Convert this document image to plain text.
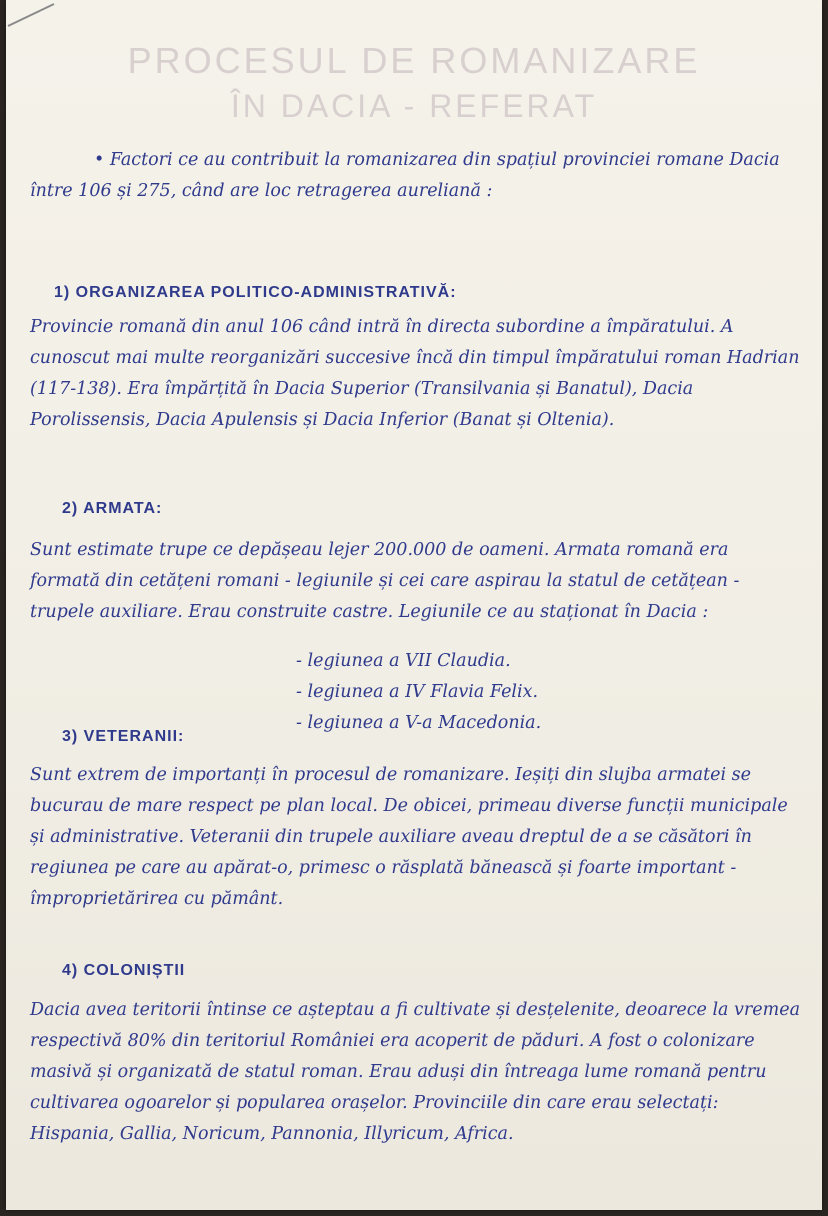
PROCESUL DE ROMANIZARE
ÎN DACIA - REFERAT

• Factori ce au contribuit la romanizarea din spațiul provinciei romane Dacia între 106 și 275, când are loc retragerea aureliană :

1) ORGANIZAREA POLITICO-ADMINISTRATIVĂ:

Provincie romană din anul 106 când intră în directa subordine a împăratului. A cunoscut mai multe reorganizări succesive încă din timpul împăratului roman Hadrian (117-138). Era împărțită în Dacia Superior (Transilvania și Banatul), Dacia Porolissensis, Dacia Apulensis și Dacia Inferior (Banat și Oltenia).

2) ARMATA:

Sunt estimate trupe ce depășeau lejer 200.000 de oameni. Armata romană era formată din cetățeni romani - legiunile și cei care aspirau la statul de cetățean - trupele auxiliare. Erau construite castre. Legiunile ce au staționat în Dacia :

- legiunea a VII Claudia.
- legiunea a IV Flavia Felix.
- legiunea a V-a Macedonia.
3) VETERANII:

Sunt extrem de importanți în procesul de romanizare. Ieșiți din slujba armatei se bucurau de mare respect pe plan local. De obicei, primeau diverse funcții municipale și administrative. Veteranii din trupele auxiliare aveau dreptul de a se căsători în regiunea pe care au apărat-o, primesc o răsplată bănească și foarte important - împroprietărirea cu pământ.

4) COLONIȘTII

Dacia avea teritorii întinse ce așteptau a fi cultivate și desțelenite, deoarece la vremea respectivă 80% din teritoriul României era acoperit de păduri. A fost o colonizare masivă și organizată de statul roman. Erau aduși din întreaga lume romană pentru cultivarea ogoarelor și popularea orașelor. Provinciile din care erau selectați: Hispania, Gallia, Noricum, Pannonia, Illyricum, Africa.
